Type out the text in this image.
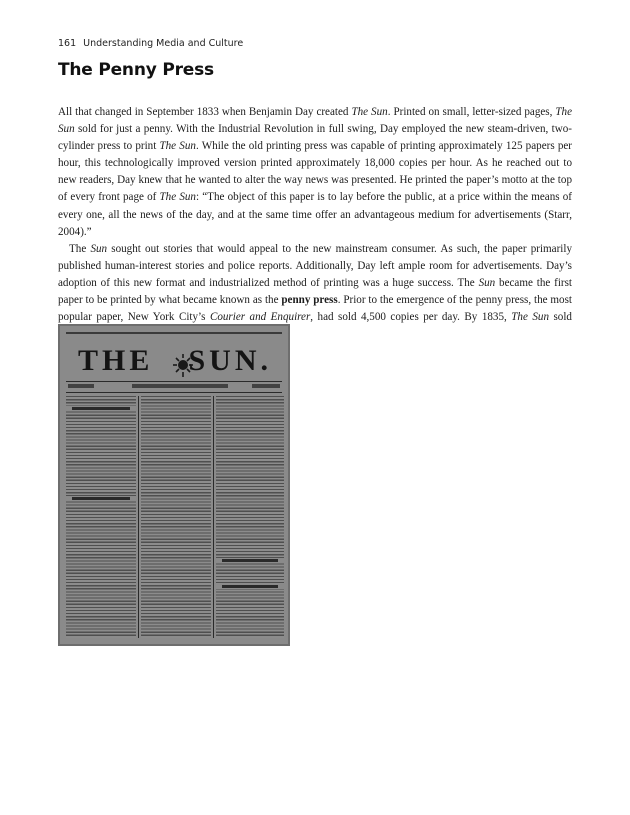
161 Understanding Media and Culture
The Penny Press

All that changed in September 1833 when Benjamin Day created The Sun. Printed on small, letter-sized pages, The Sun sold for just a penny. With the Industrial Revolution in full swing, Day employed the new steam-driven, two-cylinder press to print The Sun. While the old printing press was capable of printing approximately 125 papers per hour, this technologically improved version printed approximately 18,000 copies per hour. As he reached out to new readers, Day knew that he wanted to alter the way news was presented. He printed the paper’s motto at the top of every front page of The Sun: “The object of this paper is to lay before the public, at a price within the means of every one, all the news of the day, and at the same time offer an advantageous medium for advertisements (Starr, 2004).”

The Sun sought out stories that would appeal to the new mainstream consumer. As such, the paper primarily published human-interest stories and police reports. Additionally, Day left ample room for advertisements. Day’s adoption of this new format and industrialized method of printing was a huge success. The Sun became the first paper to be printed by what became known as the penny press. Prior to the emergence of the penny press, the most popular paper, New York City’s Courier and Enquirer, had sold 4,500 copies per day. By 1835, The Sun sold

THE SUN.
